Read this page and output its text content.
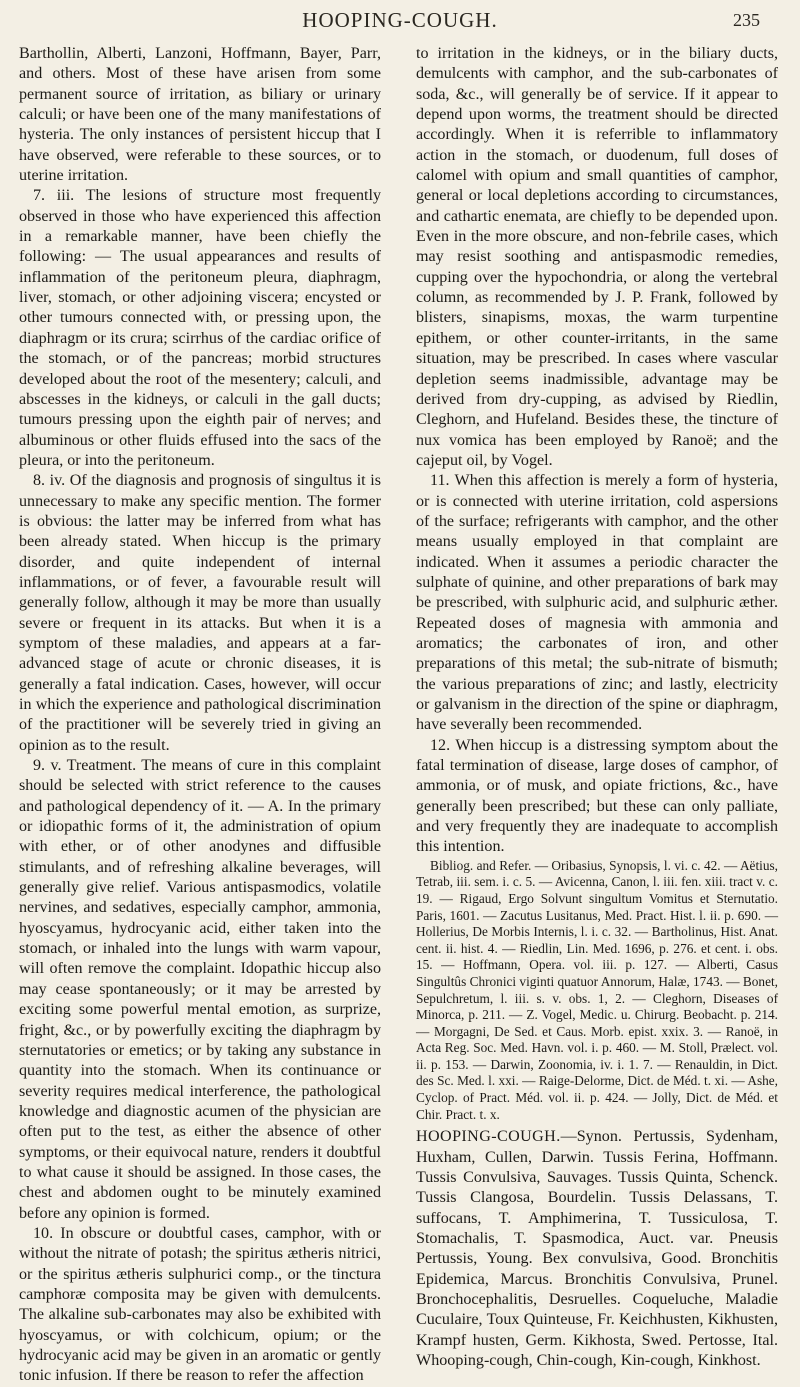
HOOPING-COUGH.	235

Barthollin, Alberti, Lanzoni, Hoffmann, Bayer, Parr, and others. Most of these have arisen from some permanent source of irritation, as biliary or urinary calculi; or have been one of the many manifestations of hysteria. The only instances of persistent hiccup that I have observed, were referable to these sources, or to uterine irritation.

7. iii. The lesions of structure most frequently observed in those who have experienced this affection in a remarkable manner, have been chiefly the following: — The usual appearances and results of inflammation of the peritoneum pleura, diaphragm, liver, stomach, or other adjoining viscera; encysted or other tumours connected with, or pressing upon, the diaphragm or its crura; scirrhus of the cardiac orifice of the stomach, or of the pancreas; morbid structures developed about the root of the mesentery; calculi, and abscesses in the kidneys, or calculi in the gall ducts; tumours pressing upon the eighth pair of nerves; and albuminous or other fluids effused into the sacs of the pleura, or into the peritoneum.

8. iv. Of the diagnosis and prognosis of singultus it is unnecessary to make any specific mention. The former is obvious: the latter may be inferred from what has been already stated. When hiccup is the primary disorder, and quite independent of internal inflammations, or of fever, a favourable result will generally follow, although it may be more than usually severe or frequent in its attacks. But when it is a symptom of these maladies, and appears at a far-advanced stage of acute or chronic diseases, it is generally a fatal indication. Cases, however, will occur in which the experience and pathological discrimination of the practitioner will be severely tried in giving an opinion as to the result.

9. v. Treatment. The means of cure in this complaint should be selected with strict reference to the causes and pathological dependency of it. — A. In the primary or idiopathic forms of it, the administration of opium with ether, or of other anodynes and diffusible stimulants, and of refreshing alkaline beverages, will generally give relief. Various antispasmodics, volatile nervines, and sedatives, especially camphor, ammonia, hyoscyamus, hydrocyanic acid, either taken into the stomach, or inhaled into the lungs with warm vapour, will often remove the complaint. Idopathic hiccup also may cease spontaneously; or it may be arrested by exciting some powerful mental emotion, as surprize, fright, &c., or by powerfully exciting the diaphragm by sternutatories or emetics; or by taking any substance in quantity into the stomach. When its continuance or severity requires medical interference, the pathological knowledge and diagnostic acumen of the physician are often put to the test, as either the absence of other symptoms, or their equivocal nature, renders it doubtful to what cause it should be assigned. In those cases, the chest and abdomen ought to be minutely examined before any opinion is formed.

10. In obscure or doubtful cases, camphor, with or without the nitrate of potash; the spiritus ætheris nitrici, or the spiritus ætheris sulphurici comp., or the tinctura camphoræ composita may be given with demulcents. The alkaline sub-carbonates may also be exhibited with hyoscyamus, or with colchicum, opium; or the hydrocyanic acid may be given in an aromatic or gently tonic infusion. If there be reason to refer the affection

to irritation in the kidneys, or in the biliary ducts, demulcents with camphor, and the sub-carbonates of soda, &c., will generally be of service. If it appear to depend upon worms, the treatment should be directed accordingly. When it is referrible to inflammatory action in the stomach, or duodenum, full doses of calomel with opium and small quantities of camphor, general or local depletions according to circumstances, and cathartic enemata, are chiefly to be depended upon. Even in the more obscure, and non-febrile cases, which may resist soothing and antispasmodic remedies, cupping over the hypochondria, or along the vertebral column, as recommended by J. P. Frank, followed by blisters, sinapisms, moxas, the warm turpentine epithem, or other counter-irritants, in the same situation, may be prescribed. In cases where vascular depletion seems inadmissible, advantage may be derived from dry-cupping, as advised by Riedlin, Cleghorn, and Hufeland. Besides these, the tincture of nux vomica has been employed by Ranoë; and the cajeput oil, by Vogel.

11. When this affection is merely a form of hysteria, or is connected with uterine irritation, cold aspersions of the surface; refrigerants with camphor, and the other means usually employed in that complaint are indicated. When it assumes a periodic character the sulphate of quinine, and other preparations of bark may be prescribed, with sulphuric acid, and sulphuric æther. Repeated doses of magnesia with ammonia and aromatics; the carbonates of iron, and other preparations of this metal; the sub-nitrate of bismuth; the various preparations of zinc; and lastly, electricity or galvanism in the direction of the spine or diaphragm, have severally been recommended.

12. When hiccup is a distressing symptom about the fatal termination of disease, large doses of camphor, of ammonia, or of musk, and opiate frictions, &c., have generally been prescribed; but these can only palliate, and very frequently they are inadequate to accomplish this intention.

Bibliog. and Refer. — Oribasius, Synopsis, l. vi. c. 42. — Aëtius, Tetrab, iii. sem. i. c. 5. — Avicenna, Canon, l. iii. fen. xiii. tract v. c. 19. — Rigaud, Ergo Solvunt singultum Vomitus et Sternutatio. Paris, 1601. — Zacutus Lusitanus, Med. Pract. Hist. l. ii. p. 690. — Hollerius, De Morbis Internis, l. i. c. 32. — Bartholinus, Hist. Anat. cent. ii. hist. 4. — Riedlin, Lin. Med. 1696, p. 276. et cent. i. obs. 15. — Hoffmann, Opera. vol. iii. p. 127. — Alberti, Casus Singultûs Chronici viginti quatuor Annorum, Halæ, 1743. — Bonet, Sepulchretum, l. iii. s. v. obs. 1, 2. — Cleghorn, Diseases of Minorca, p. 211. — Z. Vogel, Medic. u. Chirurg. Beobacht. p. 214. — Morgagni, De Sed. et Caus. Morb. epist. xxix. 3. — Ranoë, in Acta Reg. Soc. Med. Havn. vol. i. p. 460. — M. Stoll, Prælect. vol. ii. p. 153. — Darwin, Zoonomia, iv. i. 1. 7. — Renauldin, in Dict. des Sc. Med. l. xxi. — Raige-Delorme, Dict. de Méd. t. xi. — Ashe, Cyclop. of Pract. Méd. vol. ii. p. 424. — Jolly, Dict. de Méd. et Chir. Pract. t. x.

HOOPING-COUGH.—Synon. Pertussis, Sydenham, Huxham, Cullen, Darwin. Tussis Ferina, Hoffmann. Tussis Convulsiva, Sauvages. Tussis Quinta, Schenck. Tussis Clangosa, Bourdelin. Tussis Delassans, T. suffocans, T. Amphimerina, T. Tussiculosa, T. Stomachalis, T. Spasmodica, Auct. var. Pneusis Pertussis, Young. Bex convulsiva, Good. Bronchitis Epidemica, Marcus. Bronchitis Convulsiva, Prunel. Bronchocephalitis, Desruelles. Coqueluche, Maladie Cuculaire, Toux Quinteuse, Fr. Keichhusten, Kikhusten, Krampf husten, Germ. Kikhosta, Swed. Pertosse, Ital. Whooping-cough, Chin-cough, Kin-cough, Kinkhost.
